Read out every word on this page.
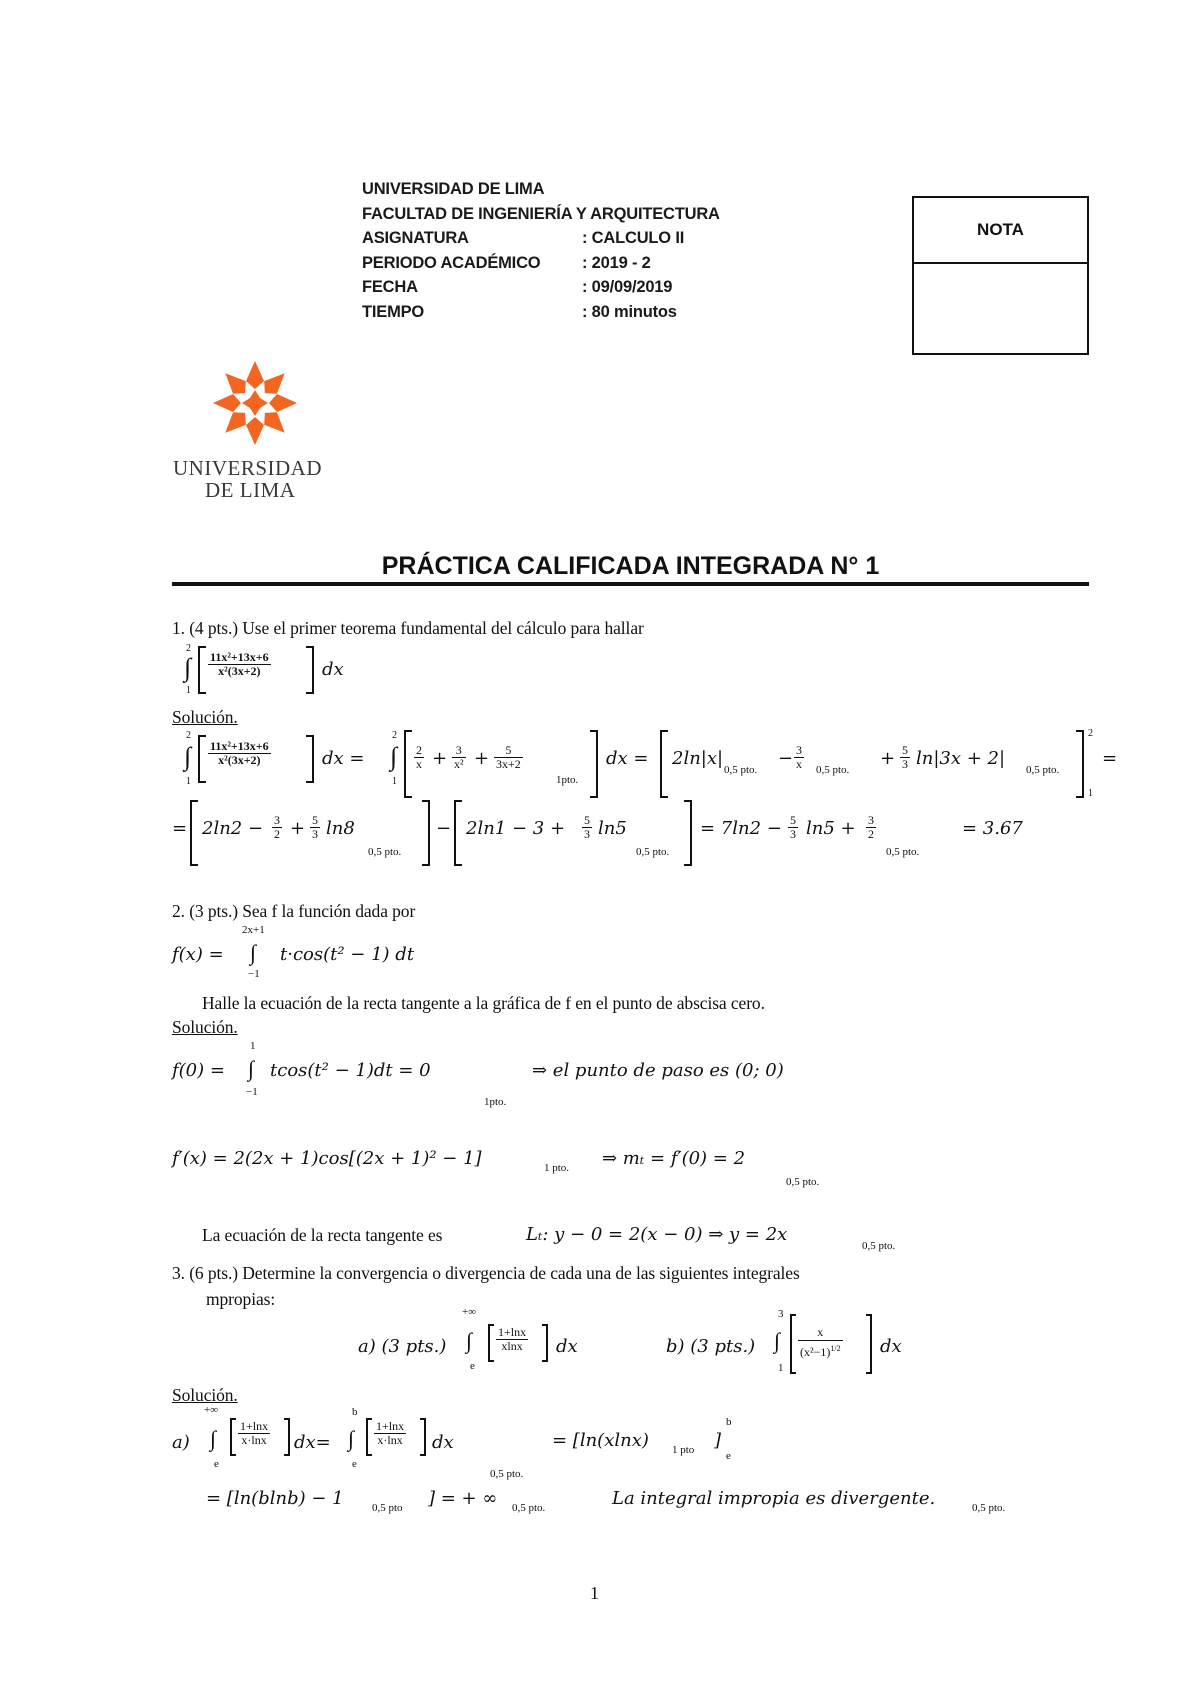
UNIVERSIDAD DE LIMA
FACULTAD DE INGENIERÍA Y ARQUITECTURA
ASIGNATURA	: CALCULO II
PERIODO ACADÉMICO	: 2019 - 2
FECHA	: 09/09/2019
TIEMPO	: 80 minutos
NOTA
UNIVERSIDAD
DE LIMA
PRÁCTICA CALIFICADA INTEGRADA N° 1
1. (4 pts.) Use el primer teorema fundamental del cálculo para hallar
2
∫
1
$\frac{\text{11x²+13x+6}}{\text{x²(3x+2)}}$	dx
Solución.
2
∫
1
$\frac{\text{11x²+13x+6}}{\text{x²(3x+2)}}$	dx =
2
∫
1
$\frac{2}{x} + \frac{3}{\text{x²}} + \frac{5}{3x+2}$
1pto.
dx = 2ln|x|
0,5 pto.
− $\frac{3}{x} 0,5$ pto.
+ $\frac{5}{3} \ln|3x + 2|$
0,5 pto.
2
1
=
= $2\ln 2 - \frac{3}{2} + \frac{5}{3} \ln 8$
0,5 pto.
− $2\ln 1 - 3 + \frac{5}{3} \ln 5$
0,5 pto.
= $7\ln 2 - \frac{5}{3} \ln 5 + \frac{3}{2}$
0,5 pto.
= 3.67
2. (3 pts.) Sea f la función dada por
2x+1
f(x) = ∫
−1
t·cos(t² − 1) dt
Halle la ecuación de la recta tangente a la gráfica de f en el punto de abscisa cero.
Solución.
1
f(0) = ∫
−1
tcos(t² − 1)dt = 0
1pto.
⇒ el punto de paso es (0; 0)
f′(x) = 2(2x + 1)cos[(2x + 1)² − 1]	1 pto. ⇒ mₜ = f′(0) = 2
0,5 pto.
La ecuación de la recta tangente es	Lₜ: y − 0 = 2(x − 0) ⇒ y = 2x
0,5 pto.
3. (6 pts.) Determine la convergencia o divergencia de cada una de las siguientes integrales
mpropias:
a) (3 pts.)
+∞
∫
e
$\frac{1+\ln x}{xlnx}$ dx	b) (3 pts.)
3
∫
1
$\frac{x}{(x^2-1)^{1/2}}$ dx
Solución.
a)
+∞
∫
e
$\frac{1+\ln x}{x\cdot\ln x} dx=$
b
∫
e
$\frac{1+\ln x}{x\cdot\ln x}$ dx
0,5 pto.
= [ln(xlnx) 1 pto ]
b
e
= [ln(blnb) − 1	0,5 pto ] = + ∞ 0,5 pto.	La integral impropia es divergente.	0,5 pto.
1
